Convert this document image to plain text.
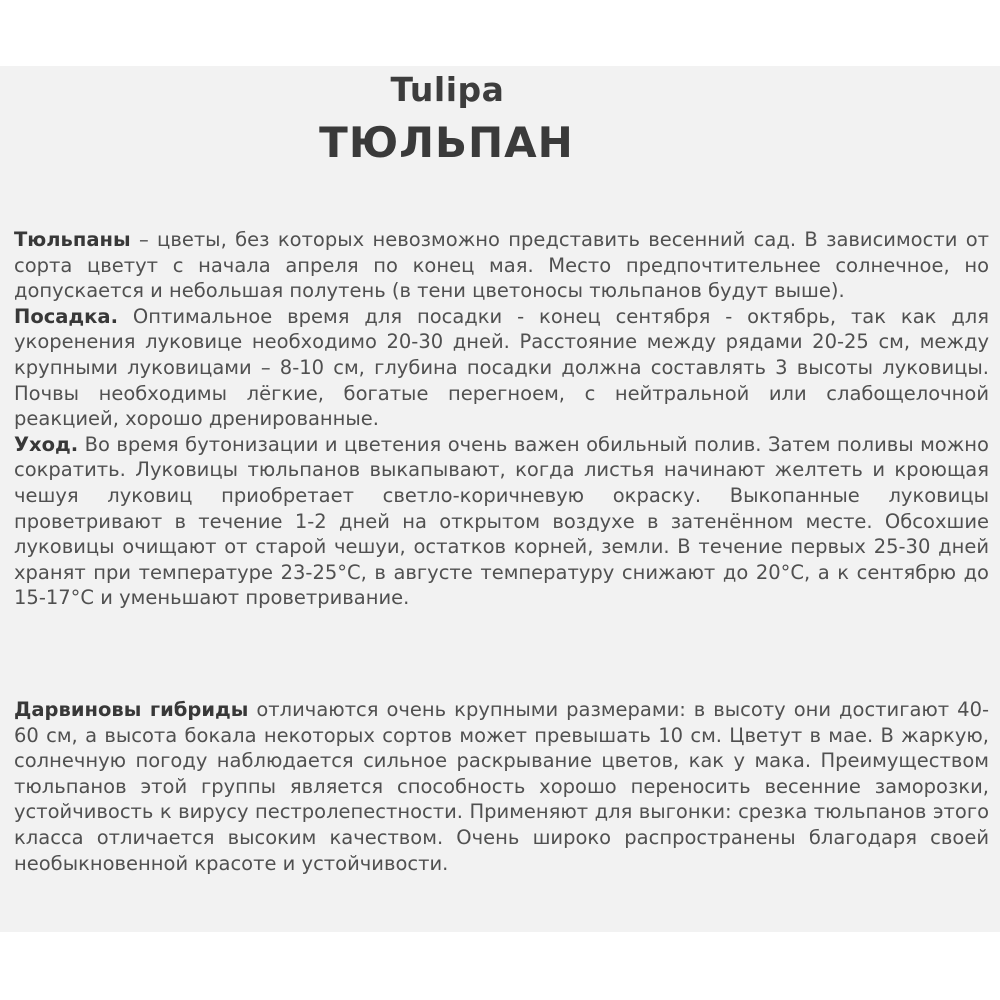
Tulipa
ТЮЛЬПАН

Тюльпаны – цветы, без которых невозможно представить весенний сад. В зависимости от сорта цветут с начала апреля по конец мая. Место предпочтительнее солнечное, но допускается и небольшая полутень (в тени цветоносы тюльпанов будут выше).

Посадка. Оптимальное время для посадки - конец сентября - октябрь, так как для укоренения луковице необходимо 20-30 дней. Расстояние между рядами 20-25 см, между крупными луковицами – 8-10 см, глубина посадки должна составлять 3 высоты луковицы. Почвы необходимы лёгкие, богатые перегноем, с нейтральной или слабощелочной реакцией, хорошо дренированные.

Уход. Во время бутонизации и цветения очень важен обильный полив. Затем поливы можно сократить. Луковицы тюльпанов выкапывают, когда листья начинают желтеть и кроющая чешуя луковиц приобретает светло-коричневую окраску. Выкопанные луковицы проветривают в течение 1-2 дней на открытом воздухе в затенённом месте. Обсохшие луковицы очищают от старой чешуи, остатков корней, земли. В течение первых 25-30 дней хранят при температуре 23-25°С, в августе температуру снижают до 20°С, а к сентябрю до 15-17°С и уменьшают проветривание.

Дарвиновы гибриды отличаются очень крупными размерами: в высоту они достигают 40-60 см, а высота бокала некоторых сортов может превышать 10 см. Цветут в мае. В жаркую, солнечную погоду наблюдается сильное раскрывание цветов, как у мака. Преимуществом тюльпанов этой группы является способность хорошо переносить весенние заморозки, устойчивость к вирусу пестролепестности. Применяют для выгонки: срезка тюльпанов этого класса отличается высоким качеством. Очень широко распространены благодаря своей необыкновенной красоте и устойчивости.
